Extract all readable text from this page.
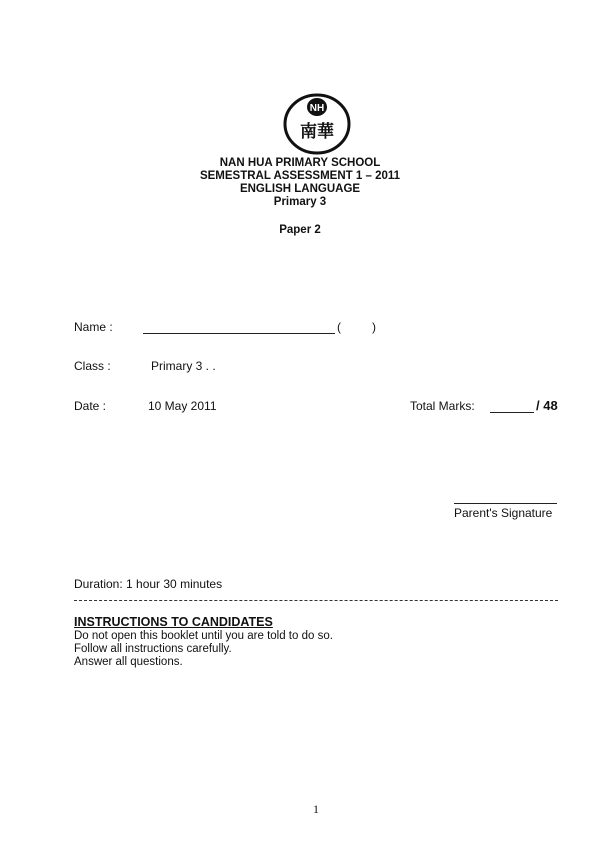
NH
南華
NAN HUA PRIMARY SCHOOL
SEMESTRAL ASSESSMENT 1 – 2011
ENGLISH LANGUAGE
Primary 3
Paper 2
Name :	(	)
Class :	Primary 3 . .
Date :	10 May 2011	Total Marks:	/ 48
Parent's Signature
Duration: 1 hour 30 minutes
INSTRUCTIONS TO CANDIDATES
Do not open this booklet until you are told to do so.
Follow all instructions carefully.
Answer all questions.
1
